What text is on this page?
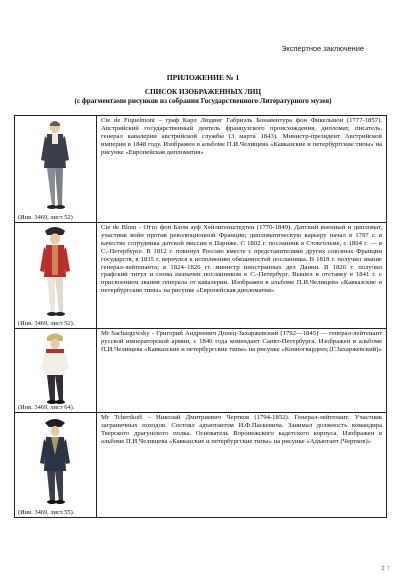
Экспертное заключение
ПРИЛОЖЕНИЕ № 1
СПИСОК ИЗОБРАЖЕННЫХ ЛИЦ
(с фрагментами рисунков из собрания Государственного Литературного музея)
(Инв. 3469, лист 52)
Cte de Fiquelmont – граф Карл Людвиг Габриэль Бонавентура фон Фикельмон (1777-1857). Австрийский государственный деятель французского происхождения, дипломат, писатель, генерал кавалерии австрийской службы (3 марта 1843). Министр-президент Австрийской империи в 1848 году. Изображен в альбоме П.И.Челищева «Кавказские и петербургские типы» на рисунке «Европейская дипломатия»
(Инв. 3469, лист 52).
Cte de Blom - Отто фон Блом ауф Хейлигенштедтен (1770-1849). Датский военный и дипломат, участник войн против революционной Франции; дипломатическую карьеру начал в 1797 г. в качестве сотрудника датской миссии в Париже. С 1802 г. посланник в Стокгольме, с 1804 г. — в С.-Петербурге. В 1812 г. покинул Россию вместе с представителями других союзных Франции государств, в 1815 г. вернулся к исполнению обязанностей посланника. В 1818 г. получил звание генерал-лейтенанта; в 1824–1826 гг. министр иностранных дел Дании. В 1826 г. получил графский титул и снова назначен посланником в С.-Петербург. Вышел в отставку в 1841 г. с присвоением звания генерала от кавалерии. Изображен в альбоме П.И.Челищева «Кавказские и петербургские типы» на рисунке «Европейская дипломатия»
(Инв. 3469, лист 64).
Mr Sachargewsky - Григорий Андреевич Донец-Захаржевский (1792—1845) — генерал-лейтенант русской императорской армии, с 1840 года комендант Санкт-Петербурга. Изображен в альбоме П.И.Челищева «Кавказские и петербургские типы» на рисунке «Конногвардеец (Г.Захаржевский)»
(Инв. 3469, лист 55).
Mr Tchertkoff – Николай Дмитриевич Чертков (1794-1852). Генерал-лейтенант. Участник заграничных походов. Состоял адъютантом И.Ф.Паскевича. Занимал должность командира Тверского драгунского полка. Основатель Воронежского кадетского корпуса. Изображен в альбоме П.И.Челищева «Кавказские и петербургские типы» на рисунке «Адъютант (Чертков)»
‡ ↑
